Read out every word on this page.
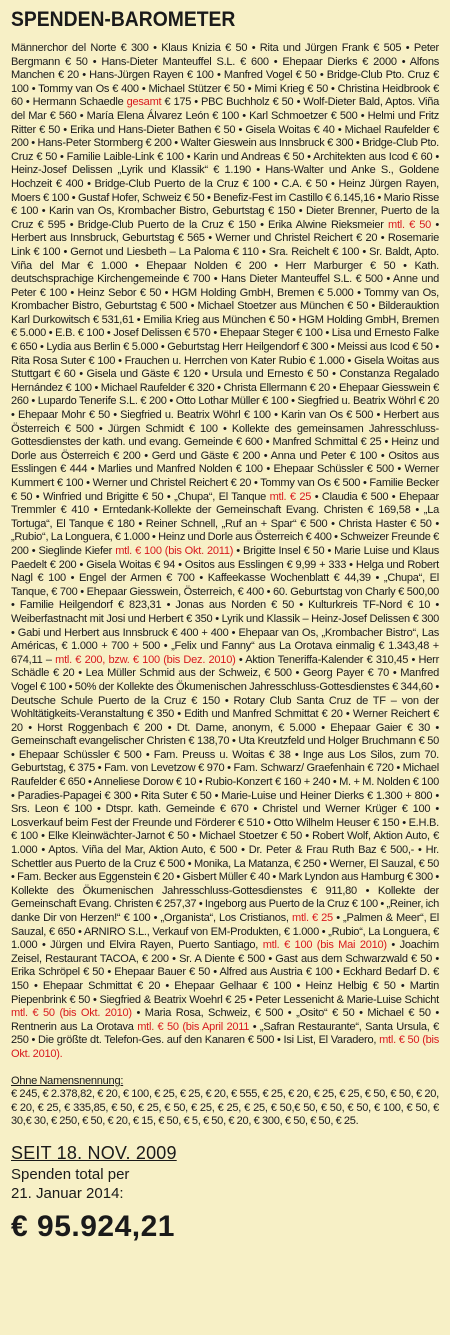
SPENDEN-BAROMETER
Männerchor del Norte € 300 • Klaus Knizia € 50 • Rita und Jürgen Frank € 505 • Peter Bergmann € 50 • Hans-Dieter Manteuffel S.L. € 600 • Ehepaar Dierks € 2000 • Alfons Manchen € 20 • Hans-Jürgen Rayen € 100 • Manfred Vogel € 50 • Bridge-Club Pto. Cruz € 100 • Tommy van Os € 400 • Michael Stützer € 50 • Mimi Krieg € 50 • Christina Heidbrook € 60 • Hermann Schaedle gesamt € 175 • PBC Buchholz € 50 • Wolf-Dieter Bald, Aptos. Viña del Mar € 560 • María Elena Álvarez León € 100 • Karl Schmoetzer € 500 • Helmi und Fritz Ritter € 50 • Erika und Hans-Dieter Bathen € 50 • Gisela Woitas € 40 • Michael Raufelder € 200 • Hans-Peter Stormberg € 200 • Walter Gieswein aus Innsbruck € 300 • Bridge-Club Pto. Cruz € 50 • Familie Laible-Link € 100 • Karin und Andreas € 50 • Architekten aus Icod € 60 • Heinz-Josef Delissen „Lyrik und Klassik“ € 1.190 • Hans-Walter und Anke S., Goldene Hochzeit € 400 • Bridge-Club Puerto de la Cruz € 100 • C.A. € 50 • Heinz Jürgen Rayen, Moers € 100 • Gustaf Hofer, Schweiz € 50 • Benefiz-Fest im Castillo € 6.145,16 • Mario Risse € 100 • Karin van Os, Krombacher Bistro, Geburtstag € 150 • Dieter Brenner, Puerto de la Cruz € 595 • Bridge-Club Puerto de la Cruz € 150 • Erika Alwine Rieksmeier mtl. € 50 • Herbert aus Innsbruck, Geburtstag € 565 • Werner und Christel Reichert € 20 • Rosemarie Link € 100 • Gernot und Liesbeth – La Paloma € 110 • Sra. Reichelt € 100 • Sr. Baldt, Apto. Viña del Mar € 1.000 • Ehepaar Nolden € 200 • Herr Marburger € 50 • Kath. deutschsprachige Kirchengemeinde € 700 • Hans Dieter Manteuffel S.L. € 500 • Anne und Peter € 100 • Heinz Sebor € 50 • HGM Holding GmbH, Bremen € 5.000 • Tommy van Os, Krombacher Bistro, Geburtstag € 500 • Michael Stoetzer aus München € 50 • Bilderauktion Karl Durkowitsch € 531,61 • Emilia Krieg aus München € 50 • HGM Holding GmbH, Bremen € 5.000 • E.B. € 100 • Josef Delissen € 570 • Ehepaar Steger € 100 • Lisa und Ernesto Falke € 650 • Lydia aus Berlin € 5.000 • Geburtstag Herr Heilgendorf € 300 • Meissi aus Icod € 50 • Rita Rosa Suter € 100 • Frauchen u. Herrchen von Kater Rubio € 1.000 • Gisela Woitas aus Stuttgart € 60 • Gisela und Gäste € 120 • Ursula und Ernesto € 50 • Constanza Regalado Hernández € 100 • Michael Raufelder € 320 • Christa Ellermann € 20 • Ehepaar Giesswein € 260 • Lupardo Tenerife S.L. € 200 • Otto Lothar Müller € 100 • Siegfried u. Beatrix Wöhrl € 20 • Ehepaar Mohr € 50 • Siegfried u. Beatrix Wöhrl € 100 • Karin van Os € 500 • Herbert aus Österreich € 500 • Jürgen Schmidt € 100 • Kollekte des gemeinsamen Jahresschluss-Gottesdienstes der kath. und evang. Gemeinde € 600 • Manfred Schmittal € 25 • Heinz und Dorle aus Österreich € 200 • Gerd und Gäste € 200 • Anna und Peter € 100 • Ositos aus Esslingen € 444 • Marlies und Manfred Nolden € 100 • Ehepaar Schüssler € 500 • Werner Kummert € 100 • Werner und Christel Reichert € 20 • Tommy van Os € 500 • Familie Becker € 50 • Winfried und Brigitte € 50 • „Chupa“, El Tanque mtl. € 25 • Claudia € 500 • Ehepaar Tremmler € 410 • Erntedank-Kollekte der Gemeinschaft Evang. Christen € 169,58 • „La Tortuga“, El Tanque € 180 • Reiner Schnell, „Ruf an + Spar“ € 500 • Christa Haster € 50 • „Rubio“, La Longuera, € 1.000 • Heinz und Dorle aus Österreich € 400 • Schweizer Freunde € 200 • Sieglinde Kiefer mtl. € 100 (bis Okt. 2011) • Brigitte Insel € 50 • Marie Luise und Klaus Paedelt € 200 • Gisela Woitas € 94 • Ositos aus Esslingen € 9,99 + 333 • Helga und Robert Nagl € 100 • Engel der Armen € 700 • Kaffeekasse Wochenblatt € 44,39 • „Chupa“, El Tanque, € 700 • Ehepaar Giesswein, Österreich, € 400 • 60. Geburtstag von Charly € 500,00 • Familie Heilgendorf € 823,31 • Jonas aus Norden € 50 • Kulturkreis TF-Nord € 10 • Weiberfastnacht mit Josi und Herbert € 350 • Lyrik und Klassik – Heinz-Josef Delissen € 300 • Gabi und Herbert aus Innsbruck € 400 + 400 • Ehepaar van Os, „Krombacher Bistro“, Las Américas, € 1.000 + 700 + 500 • „Felix und Fanny“ aus La Orotava einmalig € 1.343,48 + 674,11 – mtl. € 200, bzw. € 100 (bis Dez. 2010) • Aktion Teneriffa-Kalender € 310,45 • Herr Schädle € 20 • Lea Müller Schmid aus der Schweiz, € 500 • Georg Payer € 70 • Manfred Vogel € 100 • 50% der Kollekte des Ökumenischen Jahresschluss-Gottesdienstes € 344,60 • Deutsche Schule Puerto de la Cruz € 150 • Rotary Club Santa Cruz de TF – von der Wohltätigkeits-Veranstaltung € 350 • Edith und Manfred Schmittat € 20 • Werner Reichert € 20 • Horst Roggenbach € 200 • Dt. Dame, anonym, € 5.000 • Ehepaar Gaier € 30 • Gemeinschaft evangelischer Christen € 138,70 • Uta Kreutzfeld und Holger Bruchmann € 50 • Ehepaar Schüssler € 500 • Fam. Preuss u. Woitas € 38 • Inge aus Los Silos, zum 70. Geburtstag, € 375 • Fam. von Levetzow € 970 • Fam. Schwarz/ Graefenhain € 720 • Michael Raufelder € 650 • Anneliese Dorow € 10 • Rubio-Konzert € 160 + 240 • M. + M. Nolden € 100 • Paradies-Papagei € 300 • Rita Suter € 50 • Marie-Luise und Heiner Dierks € 1.300 + 800 • Srs. Leon € 100 • Dtspr. kath. Gemeinde € 670 • Christel und Werner Krüger € 100 • Losverkauf beim Fest der Freunde und Förderer € 510 • Otto Wilhelm Heuser € 150 • E.H.B. € 100 • Elke Kleinwächter-Jarnot € 50 • Michael Stoetzer € 50 • Robert Wolf, Aktion Auto, € 1.000 • Aptos. Viña del Mar, Aktion Auto, € 500 • Dr. Peter & Frau Ruth Baz € 500,- • Hr. Schettler aus Puerto de la Cruz € 500 • Monika, La Matanza, € 250 • Werner, El Sauzal, € 50 • Fam. Becker aus Eggenstein € 20 • Gisbert Müller € 40 • Mark Lyndon aus Hamburg € 300 • Kollekte des Ökumenischen Jahresschluss-Gottesdienstes € 911,80 • Kollekte der Gemeinschaft Evang. Christen € 257,37 • Ingeborg aus Puerto de la Cruz € 100 • „Reiner, ich danke Dir von Herzen!“ € 100 • „Organista“, Los Cristianos, mtl. € 25 • „Palmen & Meer“, El Sauzal, € 650 • ARNIRO S.L., Verkauf von EM-Produkten, € 1.000 • „Rubio“, La Longuera, € 1.000 • Jürgen und Elvira Rayen, Puerto Santiago, mtl. € 100 (bis Mai 2010) • Joachim Zeisel, Restaurant TACOA, € 200 • Sr. A Diente € 500 • Gast aus dem Schwarzwald € 50 • Erika Schröpel € 50 • Ehepaar Bauer € 50 • Alfred aus Austria € 100 • Eckhard Bedarf D. € 150 • Ehepaar Schmittat € 20 • Ehepaar Gelhaar € 100 • Heinz Helbig € 50 • Martin Piepenbrink € 50 • Siegfried & Beatrix Woehrl € 25 • Peter Lessenicht & Marie-Luise Schicht mtl. € 50 (bis Okt. 2010) • Maria Rosa, Schweiz, € 500 • „Osito“ € 50 • Michael € 50 • Rentnerin aus La Orotava mtl. € 50 (bis April 2011 • „Safran Restaurante“, Santa Ursula, € 250 • Die größte dt. Telefon-Ges. auf den Kanaren € 500 • Isi List, El Varadero, mtl. € 50 (bis Okt. 2010).
Ohne Namensnennung:
€ 245, € 2.378,82, € 20, € 100, € 25, € 25, € 20, € 555, € 25, € 20, € 25, € 25, € 50, € 50, € 20, € 20, € 25, € 335,85, € 50, € 25, € 50, € 25, € 25, € 25, € 50,€ 50, € 50, € 50, € 100, € 50, € 30,€ 30, € 250, € 50, € 20, € 15, € 50, € 5, € 50, € 20, € 300, € 50, € 50, € 25.
SEIT 18. NOV. 2009
Spenden total per
21. Januar 2014:
€ 95.924,21
